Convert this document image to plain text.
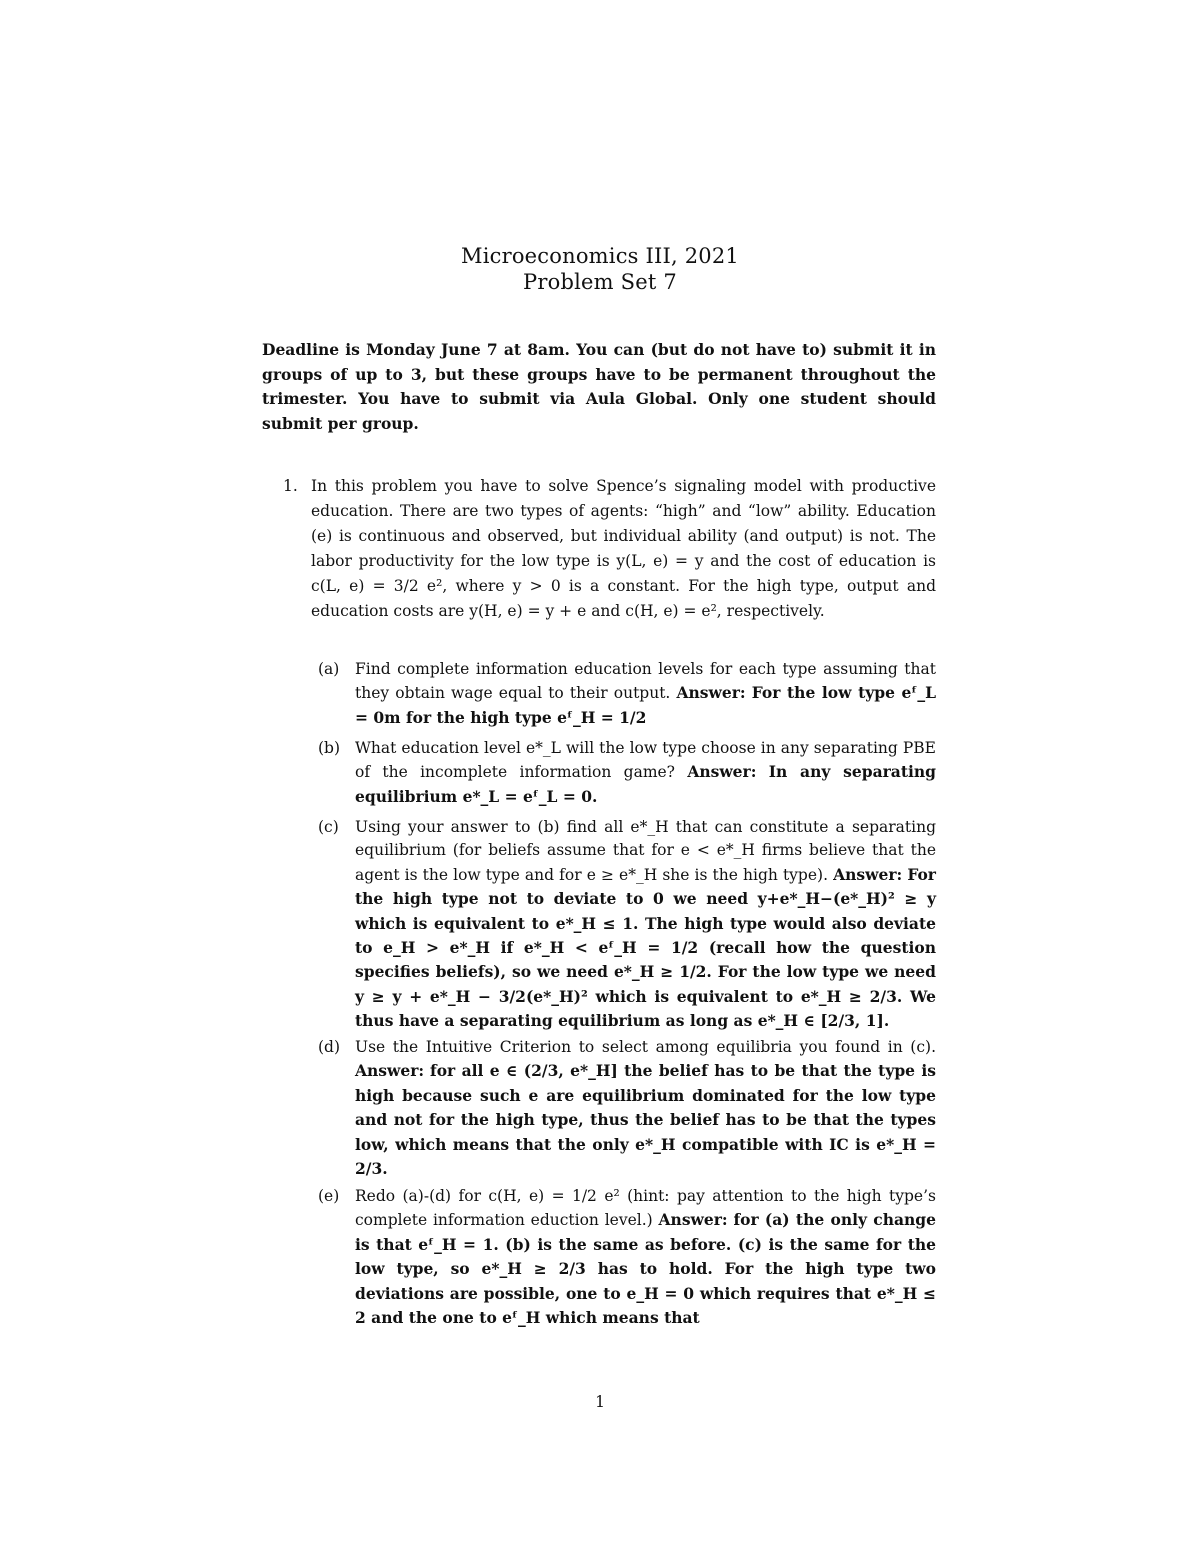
Microeconomics III, 2021
Problem Set 7
Deadline is Monday June 7 at 8am. You can (but do not have to) submit it in groups of up to 3, but these groups have to be permanent throughout the trimester. You have to submit via Aula Global. Only one student should submit per group.
1. In this problem you have to solve Spence’s signaling model with productive education. There are two types of agents: “high” and “low” ability. Education (e) is continuous and observed, but individual ability (and output) is not. The labor productivity for the low type is y(L, e) = y and the cost of education is c(L, e) = 3/2 e², where y > 0 is a constant. For the high type, output and education costs are y(H, e) = y + e and c(H, e) = e², respectively.
(a) Find complete information education levels for each type assuming that they obtain wage equal to their output. Answer: For the low type eᶠ_L = 0m for the high type eᶠ_H = 1/2
(b) What education level e*_L will the low type choose in any separating PBE of the incomplete information game? Answer: In any separating equilibrium e*_L = eᶠ_L = 0.
(c) Using your answer to (b) find all e*_H that can constitute a separating equilibrium (for beliefs assume that for e < e*_H firms believe that the agent is the low type and for e ≥ e*_H she is the high type). Answer: For the high type not to deviate to 0 we need y+e*_H−(e*_H)² ≥ y which is equivalent to e*_H ≤ 1. The high type would also deviate to e_H > e*_H if e*_H < eᶠ_H = 1/2 (recall how the question specifies beliefs), so we need e*_H ≥ 1/2. For the low type we need y ≥ y + e*_H − 3/2(e*_H)² which is equivalent to e*_H ≥ 2/3. We thus have a separating equilibrium as long as e*_H ∈ [2/3, 1].
(d) Use the Intuitive Criterion to select among equilibria you found in (c). Answer: for all e ∈ (2/3, e*_H] the belief has to be that the type is high because such e are equilibrium dominated for the low type and not for the high type, thus the belief has to be that the types low, which means that the only e*_H compatible with IC is e*_H = 2/3.
(e) Redo (a)-(d) for c(H, e) = 1/2 e² (hint: pay attention to the high type’s complete information eduction level.) Answer: for (a) the only change is that eᶠ_H = 1. (b) is the same as before. (c) is the same for the low type, so e*_H ≥ 2/3 has to hold. For the high type two deviations are possible, one to e_H = 0 which requires that e*_H ≤ 2 and the one to eᶠ_H which means that
1
